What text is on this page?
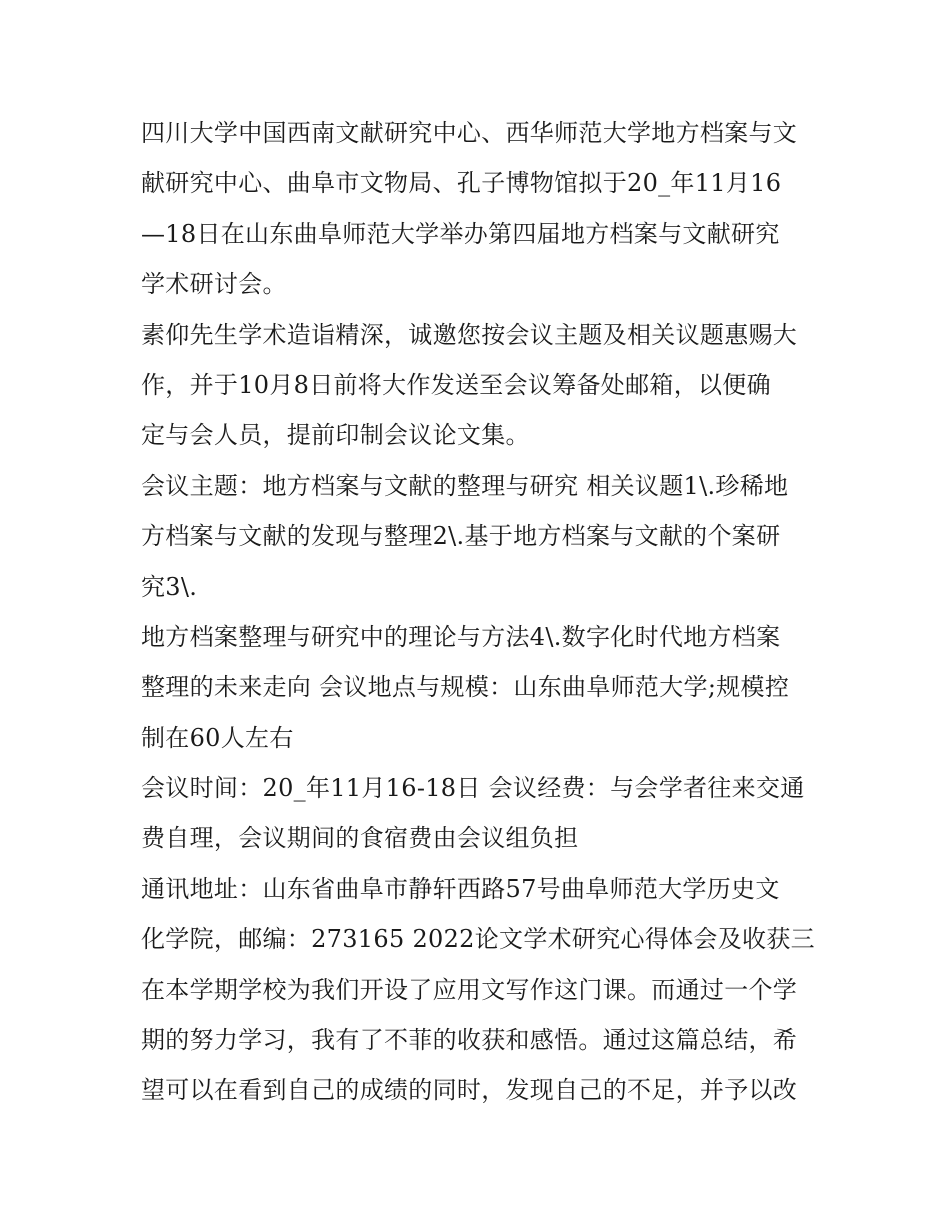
四川大学中国西南文献研究中心、西华师范大学地方档案与文
献研究中心、曲阜市文物局、孔子博物馆拟于20_年11月16
—18日在山东曲阜师范大学举办第四届地方档案与文献研究
学术研讨会。
素仰先生学术造诣精深，诚邀您按会议主题及相关议题惠赐大
作，并于10月8日前将大作发送至会议筹备处邮箱，以便确
定与会人员，提前印制会议论文集。
会议主题：地方档案与文献的整理与研究 相关议题1\.珍稀地
方档案与文献的发现与整理2\.基于地方档案与文献的个案研
究3\.
地方档案整理与研究中的理论与方法4\.数字化时代地方档案
整理的未来走向 会议地点与规模：山东曲阜师范大学;规模控
制在60人左右
会议时间：20_年11月16-18日 会议经费：与会学者往来交通
费自理，会议期间的食宿费由会议组负担
通讯地址：山东省曲阜市静轩西路57号曲阜师范大学历史文
化学院，邮编：273165 2022论文学术研究心得体会及收获三
在本学期学校为我们开设了应用文写作这门课。而通过一个学
期的努力学习，我有了不菲的收获和感悟。通过这篇总结，希
望可以在看到自己的成绩的同时，发现自己的不足，并予以改
